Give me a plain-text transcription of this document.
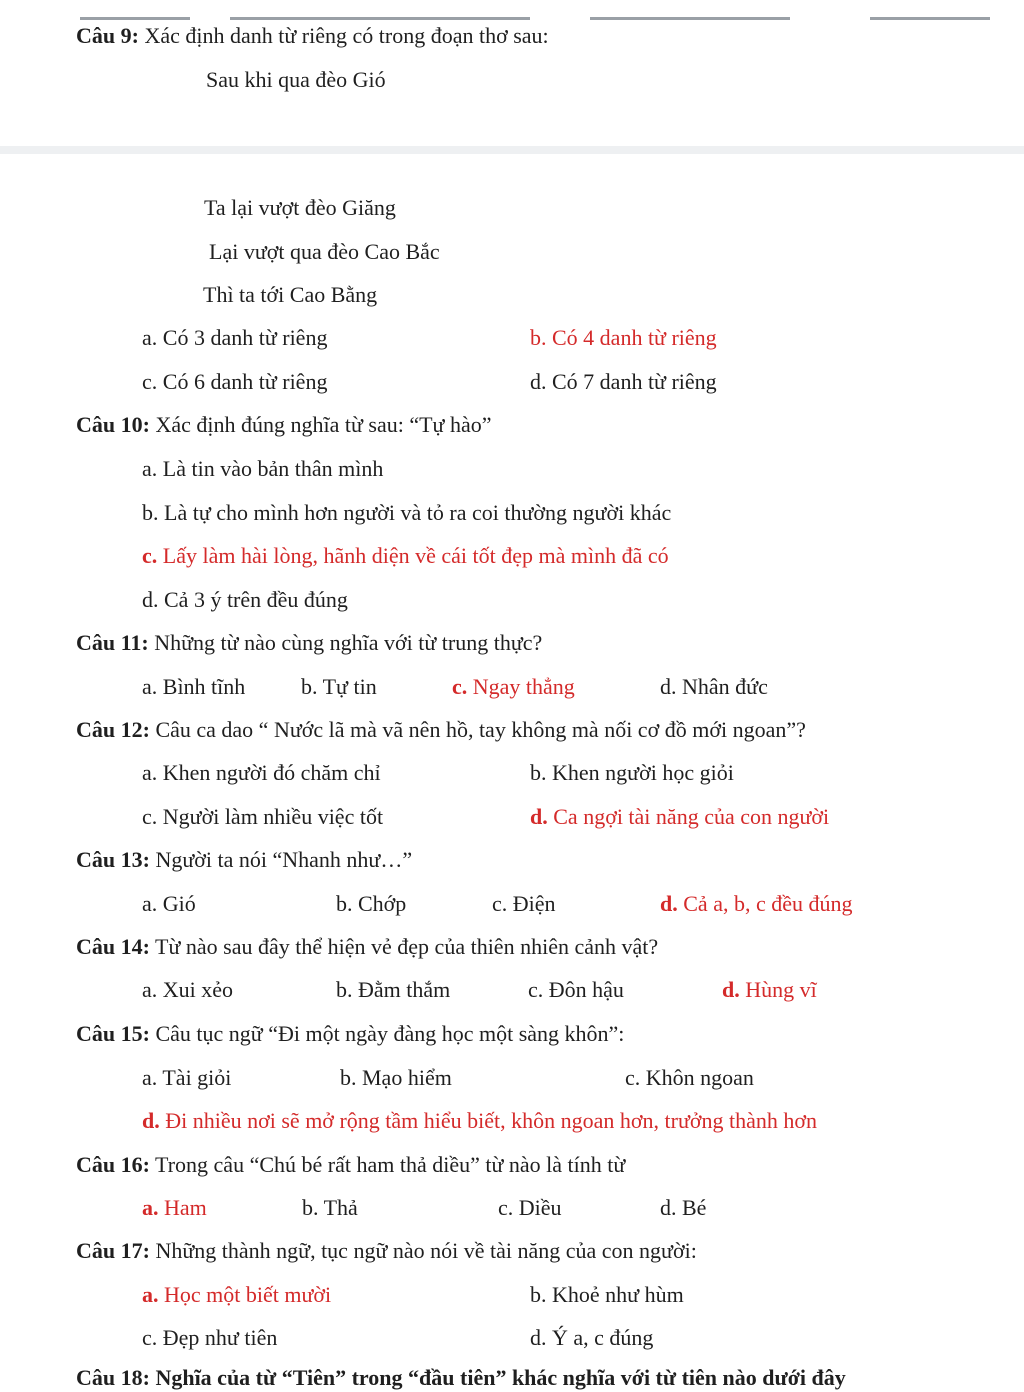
Câu 9: Xác định danh từ riêng có trong đoạn thơ sau:
Sau khi qua đèo Gió
Ta lại vượt đèo Giăng
Lại vượt qua đèo Cao Bắc
Thì ta tới Cao Bằng
a. Có 3 danh từ riêng	b. Có 4 danh từ riêng
c. Có 6 danh từ riêng	d. Có 7 danh từ riêng
Câu 10: Xác định đúng nghĩa từ sau: “Tự hào”
a. Là tin vào bản thân mình
b. Là tự cho mình hơn người và tỏ ra coi thường người khác
c. Lấy làm hài lòng, hãnh diện về cái tốt đẹp mà mình đã có
d. Cả 3 ý trên đều đúng
Câu 11: Những từ nào cùng nghĩa với từ trung thực?
a. Bình tĩnh	b. Tự tin	c. Ngay thẳng	d. Nhân đức
Câu 12: Câu ca dao “ Nước lã mà vã nên hồ, tay không mà nối cơ đồ mới ngoan”?
a. Khen người đó chăm chỉ	b. Khen người học giỏi
c. Người làm nhiều việc tốt	d. Ca ngợi tài năng của con người
Câu 13: Người ta nói “Nhanh như…”
a. Gió	b. Chớp	c. Điện	d. Cả a, b, c đều đúng
Câu 14: Từ nào sau đây thể hiện vẻ đẹp của thiên nhiên cảnh vật?
a. Xui xẻo	b. Đằm thắm	c. Đôn hậu	d. Hùng vĩ
Câu 15: Câu tục ngữ “Đi một ngày đàng học một sàng khôn”:
a. Tài giỏi	b. Mạo hiểm	c. Khôn ngoan
d. Đi nhiều nơi sẽ mở rộng tầm hiểu biết, khôn ngoan hơn, trưởng thành hơn
Câu 16: Trong câu “Chú bé rất ham thả diều” từ nào là tính từ
a. Ham	b. Thả	c. Diều	d. Bé
Câu 17: Những thành ngữ, tục ngữ nào nói về tài năng của con người:
a. Học một biết mười	b. Khoẻ như hùm
c. Đẹp như tiên	d. Ý a, c đúng
Câu 18: Nghĩa của từ “Tiên” trong “đầu tiên” khác nghĩa với từ tiên nào dưới đây
